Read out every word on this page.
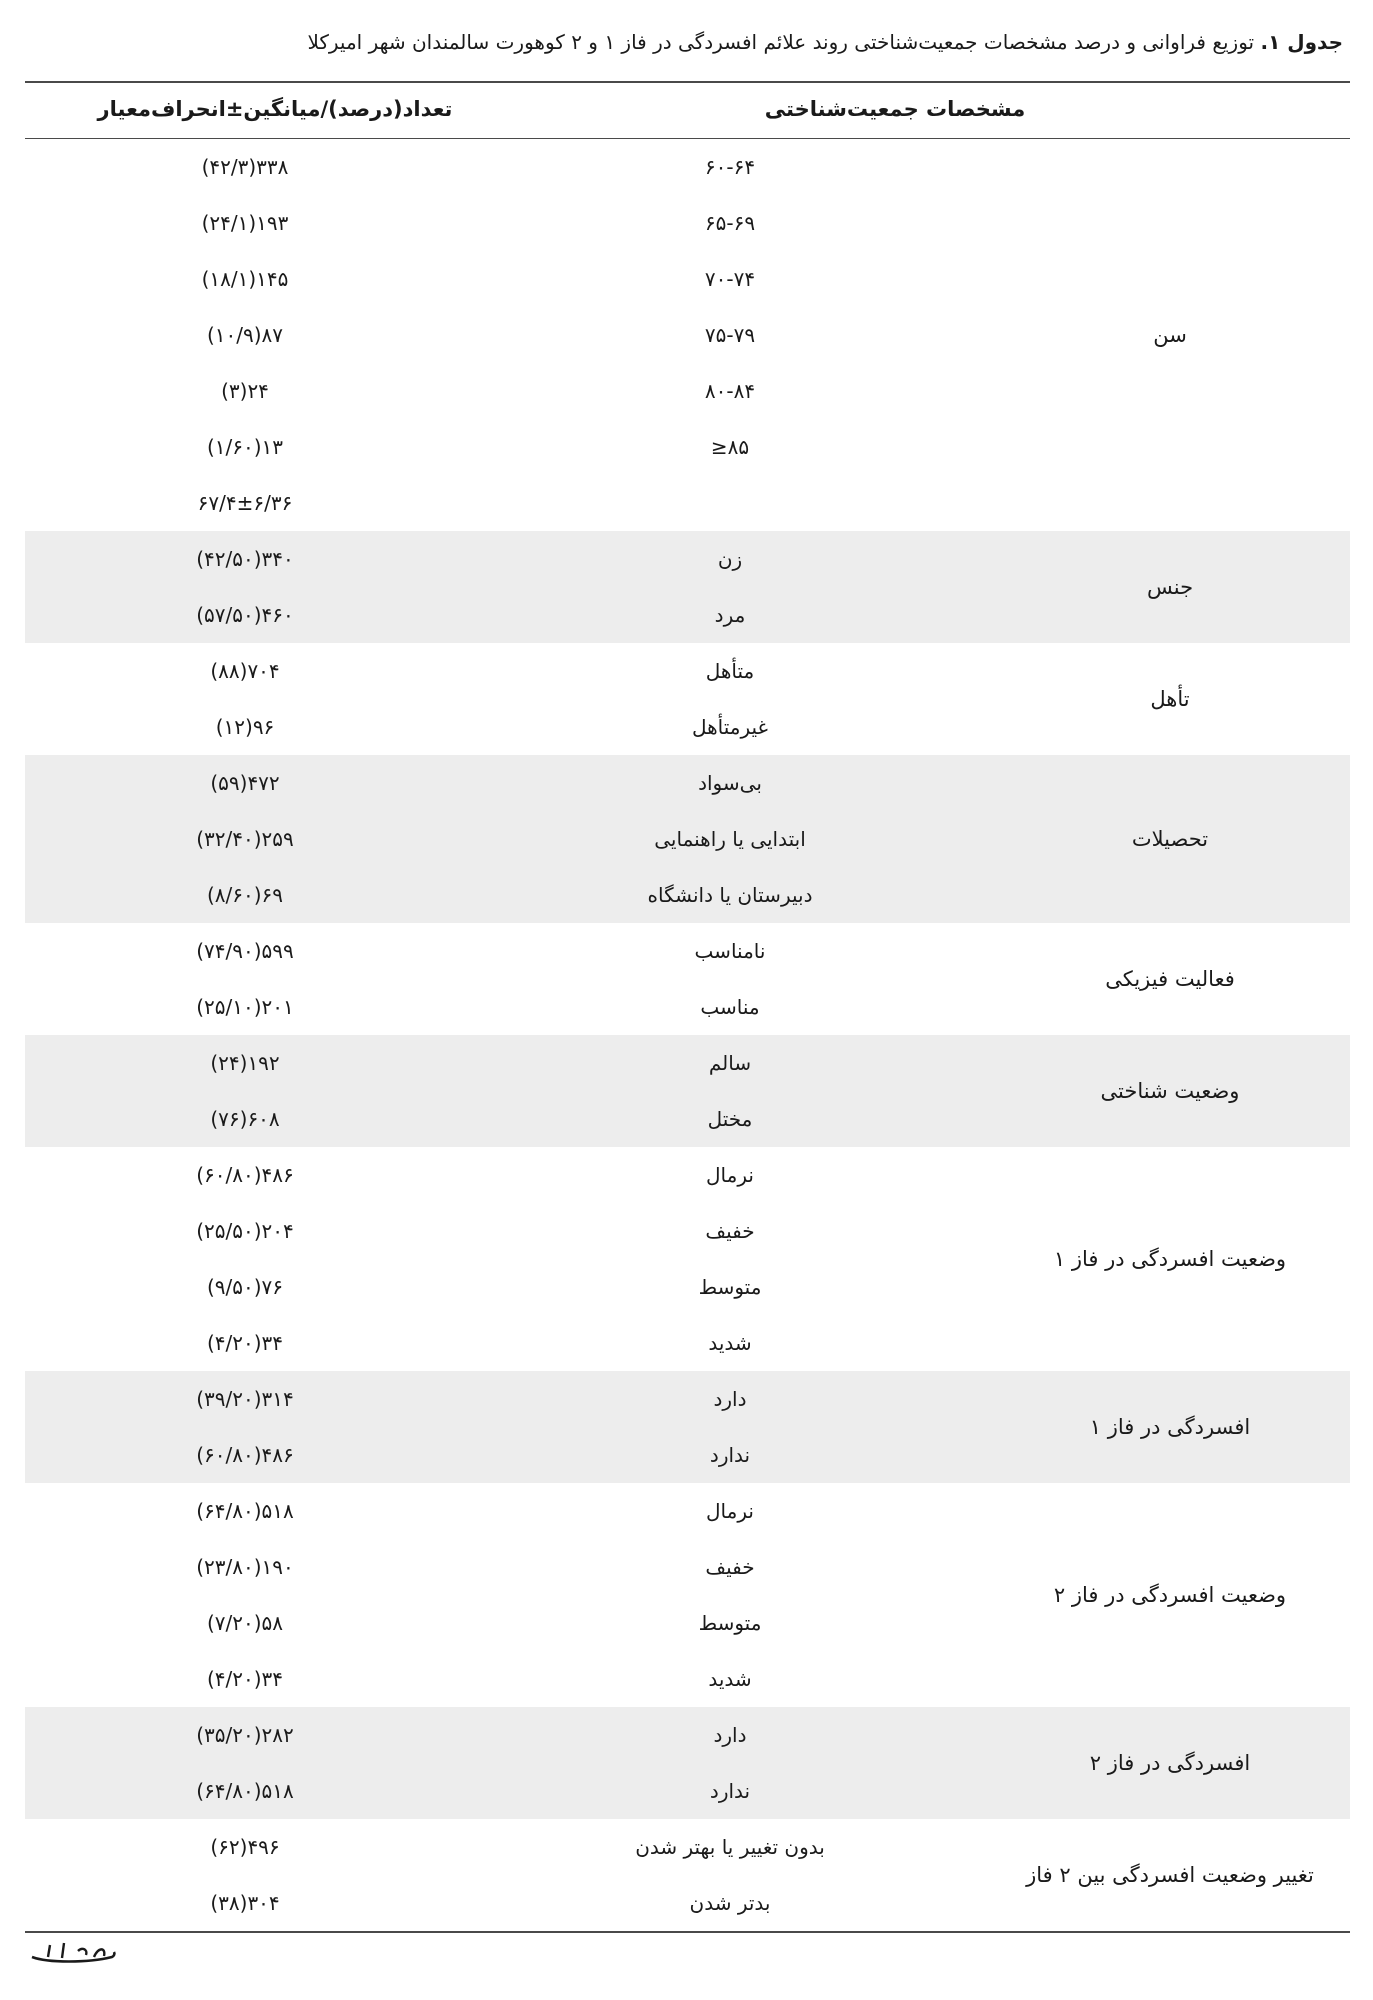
جدول ۱. توزیع فراوانی و درصد مشخصات جمعیت‌شناختی روند علائم افسردگی در فاز ۱ و ۲ کوهورت سالمندان شهر امیرکلا
مشخصات جمعیت‌شناختی
تعداد(درصد)/میانگین±انحراف‌معیار
سن
۶۰-۶۴
۳۳۸(۴۲/۳)
۶۵-۶۹
۱۹۳(۲۴/۱)
۷۰-۷۴
۱۴۵(۱۸/۱)
۷۵-۷۹
۸۷(۱۰/۹)
۸۰-۸۴
۲۴(۳)
۸۵≤
۱۳(۱/۶۰)
۶۷/۴±۶/۳۶
جنس
زن
۳۴۰(۴۲/۵۰)
مرد
۴۶۰(۵۷/۵۰)
تأهل
متأهل
۷۰۴(۸۸)
غیرمتأهل
۹۶(۱۲)
تحصیلات
بی‌سواد
۴۷۲(۵۹)
ابتدایی یا راهنمایی
۲۵۹(۳۲/۴۰)
دبیرستان یا دانشگاه
۶۹(۸/۶۰)
فعالیت فیزیکی
نامناسب
۵۹۹(۷۴/۹۰)
مناسب
۲۰۱(۲۵/۱۰)
وضعیت شناختی
سالم
۱۹۲(۲۴)
مختل
۶۰۸(۷۶)
وضعیت افسردگی در فاز ۱
نرمال
۴۸۶(۶۰/۸۰)
خفیف
۲۰۴(۲۵/۵۰)
متوسط
۷۶(۹/۵۰)
شدید
۳۴(۴/۲۰)
افسردگی در فاز ۱
دارد
۳۱۴(۳۹/۲۰)
ندارد
۴۸۶(۶۰/۸۰)
وضعیت افسردگی در فاز ۲
نرمال
۵۱۸(۶۴/۸۰)
خفیف
۱۹۰(۲۳/۸۰)
متوسط
۵۸(۷/۲۰)
شدید
۳۴(۴/۲۰)
افسردگی در فاز ۲
دارد
۲۸۲(۳۵/۲۰)
ندارد
۵۱۸(۶۴/۸۰)
تغییر وضعیت افسردگی بین ۲ فاز
بدون تغییر یا بهتر شدن
۴۹۶(۶۲)
بدتر شدن
۳۰۴(۳۸)
